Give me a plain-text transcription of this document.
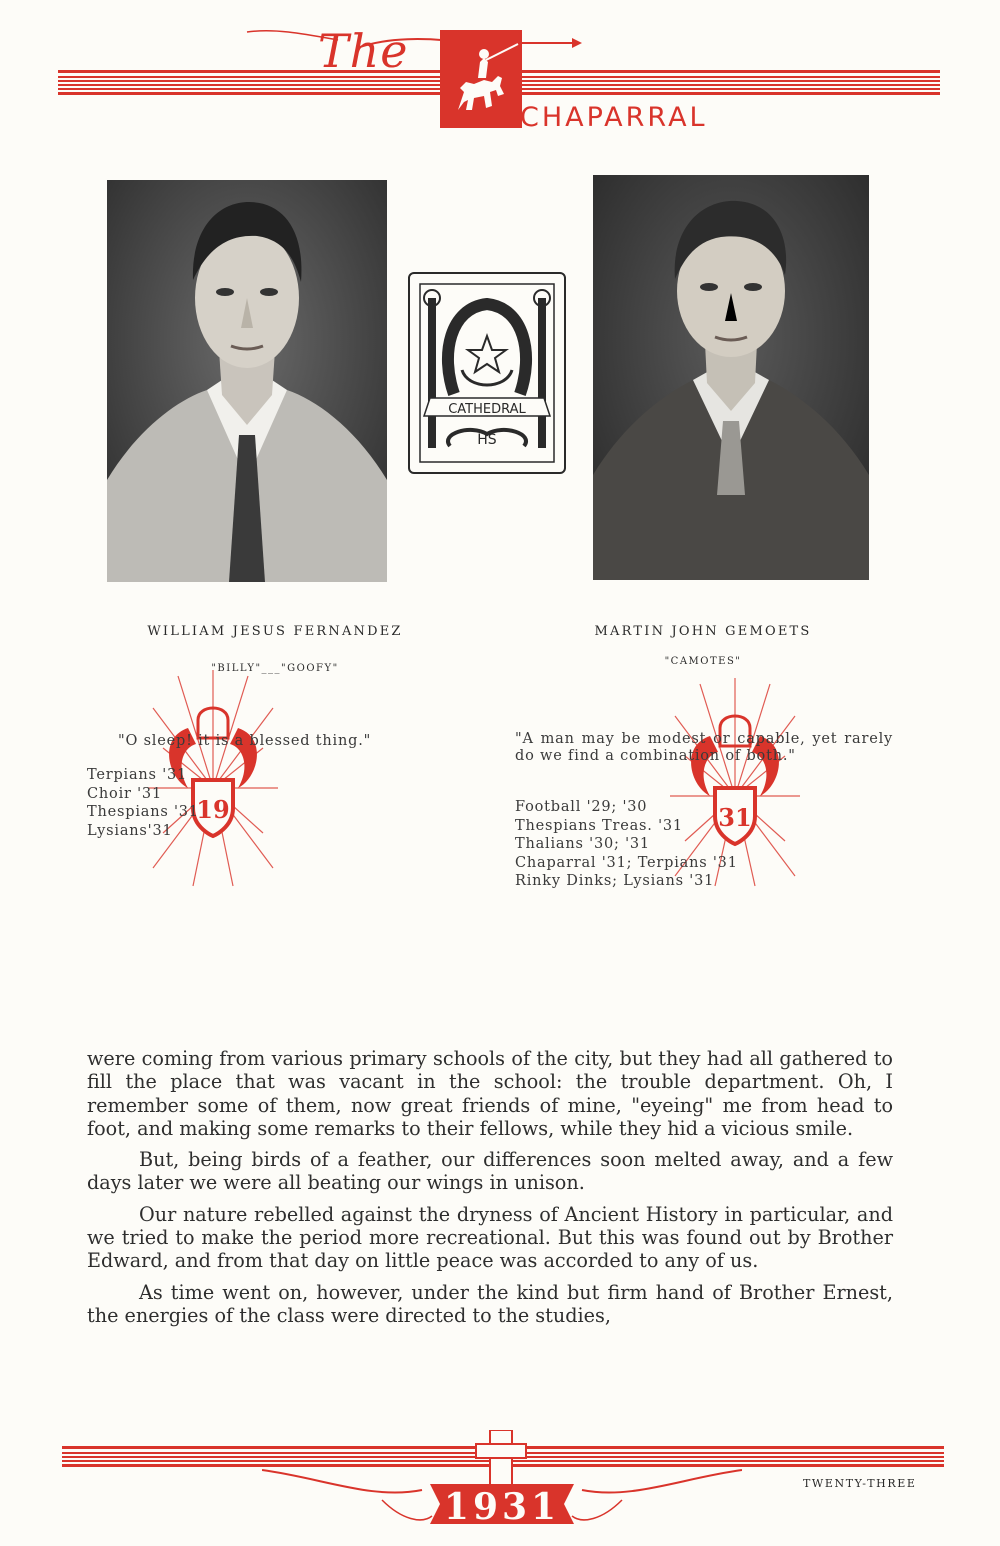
The
CHAPARRAL
CATHEDRAL
HS
WILLIAM JESUS FERNANDEZ
"BILLY"___"GOOFY"
19
"O sleep! it is a blessed thing."
Terpians '31
Choir '31
Thespians '31
Lysians'31
MARTIN JOHN GEMOETS
"CAMOTES"
31
"A man may be modest or capable, yet rarely do we find a combination of both."
Football '29; '30
Thespians Treas. '31
Thalians '30; '31
Chaparral '31; Terpians '31
Rinky Dinks; Lysians '31

were coming from various primary schools of the city, but they had all gathered to fill the place that was vacant in the school: the trouble department. Oh, I remember some of them, now great friends of mine, "eyeing" me from head to foot, and making some remarks to their fellows, while they hid a vicious smile.

But, being birds of a feather, our differences soon melted away, and a few days later we were all beating our wings in unison.

Our nature rebelled against the dryness of Ancient History in particular, and we tried to make the period more recreational. But this was found out by Brother Edward, and from that day on little peace was accorded to any of us.

As time went on, however, under the kind but firm hand of Brother Ernest, the energies of the class were directed to the studies,

1931
TWENTY-THREE
